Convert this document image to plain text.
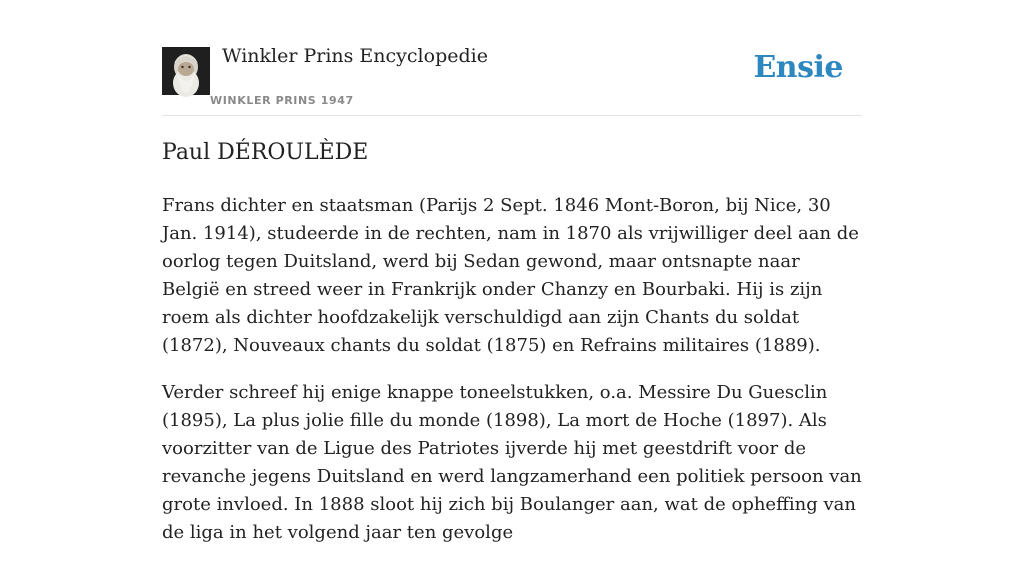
Winkler Prins Encyclopedie
WINKLER PRINS 1947
Ensie
Paul DÉROULÈDE

Frans dichter en staatsman (Parijs 2 Sept. 1846 Mont-Boron, bij Nice, 30 Jan. 1914), studeerde in de rechten, nam in 1870 als vrijwilliger deel aan de oorlog tegen Duitsland, werd bij Sedan gewond, maar ontsnapte naar België en streed weer in Frankrijk onder Chanzy en Bourbaki. Hij is zijn roem als dichter hoofdzakelijk verschuldigd aan zijn Chants du soldat (1872), Nouveaux chants du soldat (1875) en Refrains militaires (1889).

Verder schreef hij enige knappe toneelstukken, o.a. Messire Du Guesclin (1895), La plus jolie fille du monde (1898), La mort de Hoche (1897). Als voorzitter van de Ligue des Patriotes ijverde hij met geestdrift voor de revanche jegens Duitsland en werd langzamerhand een politiek persoon van grote invloed. In 1888 sloot hij zich bij Boulanger aan, wat de opheffing van de liga in het volgend jaar ten gevolge
